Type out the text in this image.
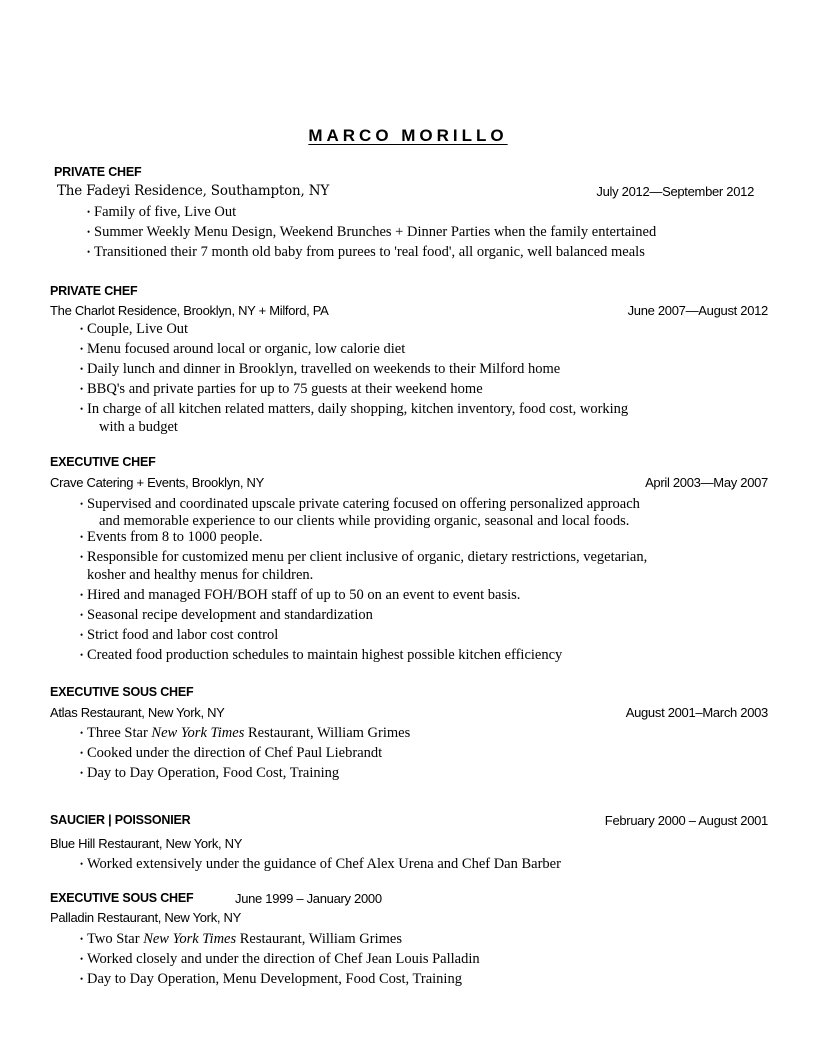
MARCO MORILLO
PRIVATE CHEF
The Fadeyi Residence, Southampton, NY	July 2012—September 2012
• Family of five, Live Out
• Summer Weekly Menu Design, Weekend Brunches + Dinner Parties when the family entertained
• Transitioned their 7 month old baby from purees to 'real food', all organic, well balanced meals
PRIVATE CHEF
The Charlot Residence, Brooklyn, NY + Milford, PA	June 2007—August 2012
• Couple, Live Out
• Menu focused around local or organic, low calorie diet
• Daily lunch and dinner in Brooklyn, travelled on weekends to their Milford home
• BBQ's and private parties for up to 75 guests at their weekend home
• In charge of all kitchen related matters, daily shopping, kitchen inventory, food cost, working
with a budget
EXECUTIVE CHEF
Crave Catering + Events, Brooklyn, NY	April 2003—May 2007
• Supervised and coordinated upscale private catering focused on offering personalized approach
and memorable experience to our clients while providing organic, seasonal and local foods.
• Events from 8 to 1000 people.
• Responsible for customized menu per client inclusive of organic, dietary restrictions, vegetarian,
kosher and healthy menus for children.
• Hired and managed FOH/BOH staff of up to 50 on an event to event basis.
• Seasonal recipe development and standardization
• Strict food and labor cost control
• Created food production schedules to maintain highest possible kitchen efficiency
EXECUTIVE SOUS CHEF
Atlas Restaurant, New York, NY	August 2001–March 2003
• Three Star New York Times Restaurant, William Grimes
• Cooked under the direction of Chef Paul Liebrandt
• Day to Day Operation, Food Cost, Training
SAUCIER | POISSONIER	February 2000 – August 2001
Blue Hill Restaurant, New York, NY
• Worked extensively under the guidance of Chef Alex Urena and Chef Dan Barber
EXECUTIVE SOUS CHEF	June 1999 – January 2000
Palladin Restaurant, New York, NY
• Two Star New York Times Restaurant, William Grimes
• Worked closely and under the direction of Chef Jean Louis Palladin
• Day to Day Operation, Menu Development, Food Cost, Training
